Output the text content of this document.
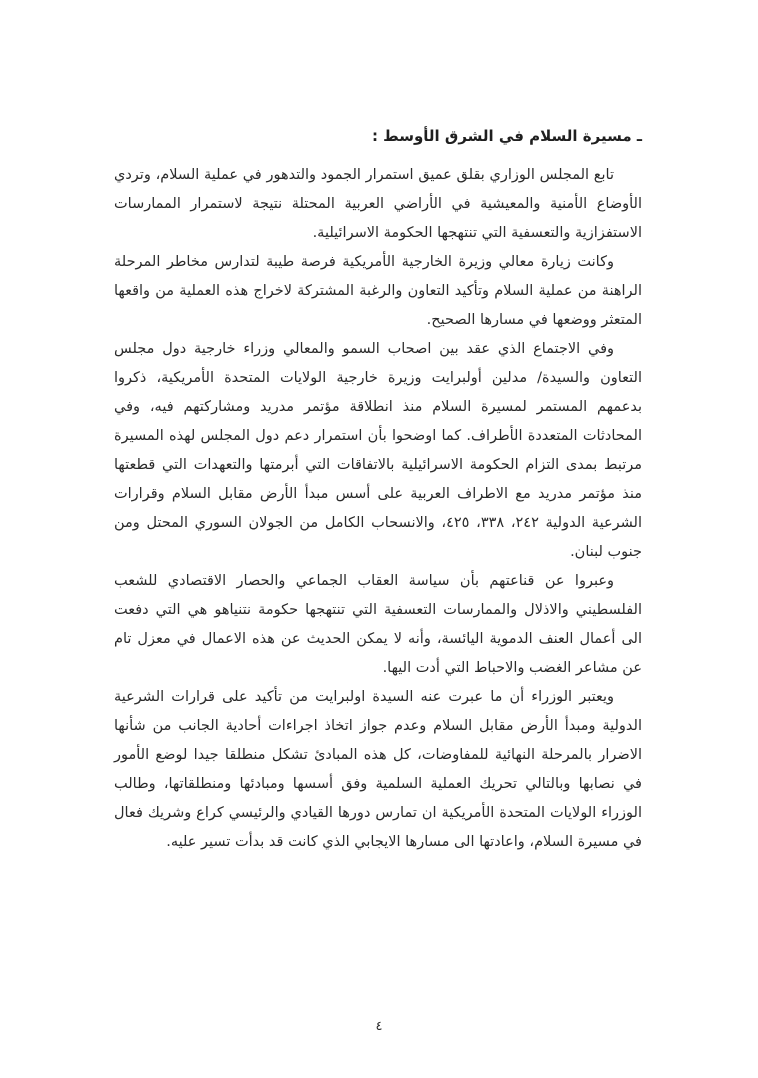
ـ مسيرة السلام في الشرق الأوسط :

تابع المجلس الوزاري بقلق عميق استمرار الجمود والتدهور في عملية السلام، وتردي الأوضاع الأمنية والمعيشية في الأراضي العربية المحتلة نتيجة لاستمرار الممارسات الاستفزازية والتعسفية التي تنتهجها الحكومة الاسرائيلية.

وكانت زيارة معالي وزيرة الخارجية الأمريكية فرصة طيبة لتدارس مخاطر المرحلة الراهنة من عملية السلام وتأكيد التعاون والرغبة المشتركة لاخراج هذه العملية من واقعها المتعثر ووضعها في مسارها الصحيح.

وفي الاجتماع الذي عقد بين اصحاب السمو والمعالي وزراء خارجية دول مجلس التعاون والسيدة/ مدلين أولبرايت وزيرة خارجية الولايات المتحدة الأمريكية، ذكروا بدعمهم المستمر لمسيرة السلام منذ انطلاقة مؤتمر مدريد ومشاركتهم فيه، وفي المحادثات المتعددة الأطراف. كما اوضحوا بأن استمرار دعم دول المجلس لهذه المسيرة مرتبط بمدى التزام الحكومة الاسرائيلية بالاتفاقات التي أبرمتها والتعهدات التي قطعتها منذ مؤتمر مدريد مع الاطراف العربية على أسس مبدأ الأرض مقابل السلام وقرارات الشرعية الدولية ٢٤٢، ٣٣٨، ٤٢٥، والانسحاب الكامل من الجولان السوري المحتل ومن جنوب لبنان.

وعبروا عن قناعتهم بأن سياسة العقاب الجماعي والحصار الاقتصادي للشعب الفلسطيني والاذلال والممارسات التعسفية التي تنتهجها حكومة نتنياهو هي التي دفعت الى أعمال العنف الدموية اليائسة، وأنه لا يمكن الحديث عن هذه الاعمال في معزل تام عن مشاعر الغضب والاحباط التي أدت اليها.

ويعتبر الوزراء أن ما عبرت عنه السيدة اولبرايت من تأكيد على قرارات الشرعية الدولية ومبدأ الأرض مقابل السلام وعدم جواز اتخاذ اجراءات أحادية الجانب من شأنها الاضرار بالمرحلة النهائية للمفاوضات، كل هذه المبادئ تشكل منطلقا جيدا لوضع الأمور في نصابها وبالتالي تحريك العملية السلمية وفق أسسها ومبادئها ومنطلقاتها، وطالب الوزراء الولايات المتحدة الأمريكية ان تمارس دورها القيادي والرئيسي كراع وشريك فعال في مسيرة السلام، واعادتها الى مسارها الايجابي الذي كانت قد بدأت تسير عليه.

٤
